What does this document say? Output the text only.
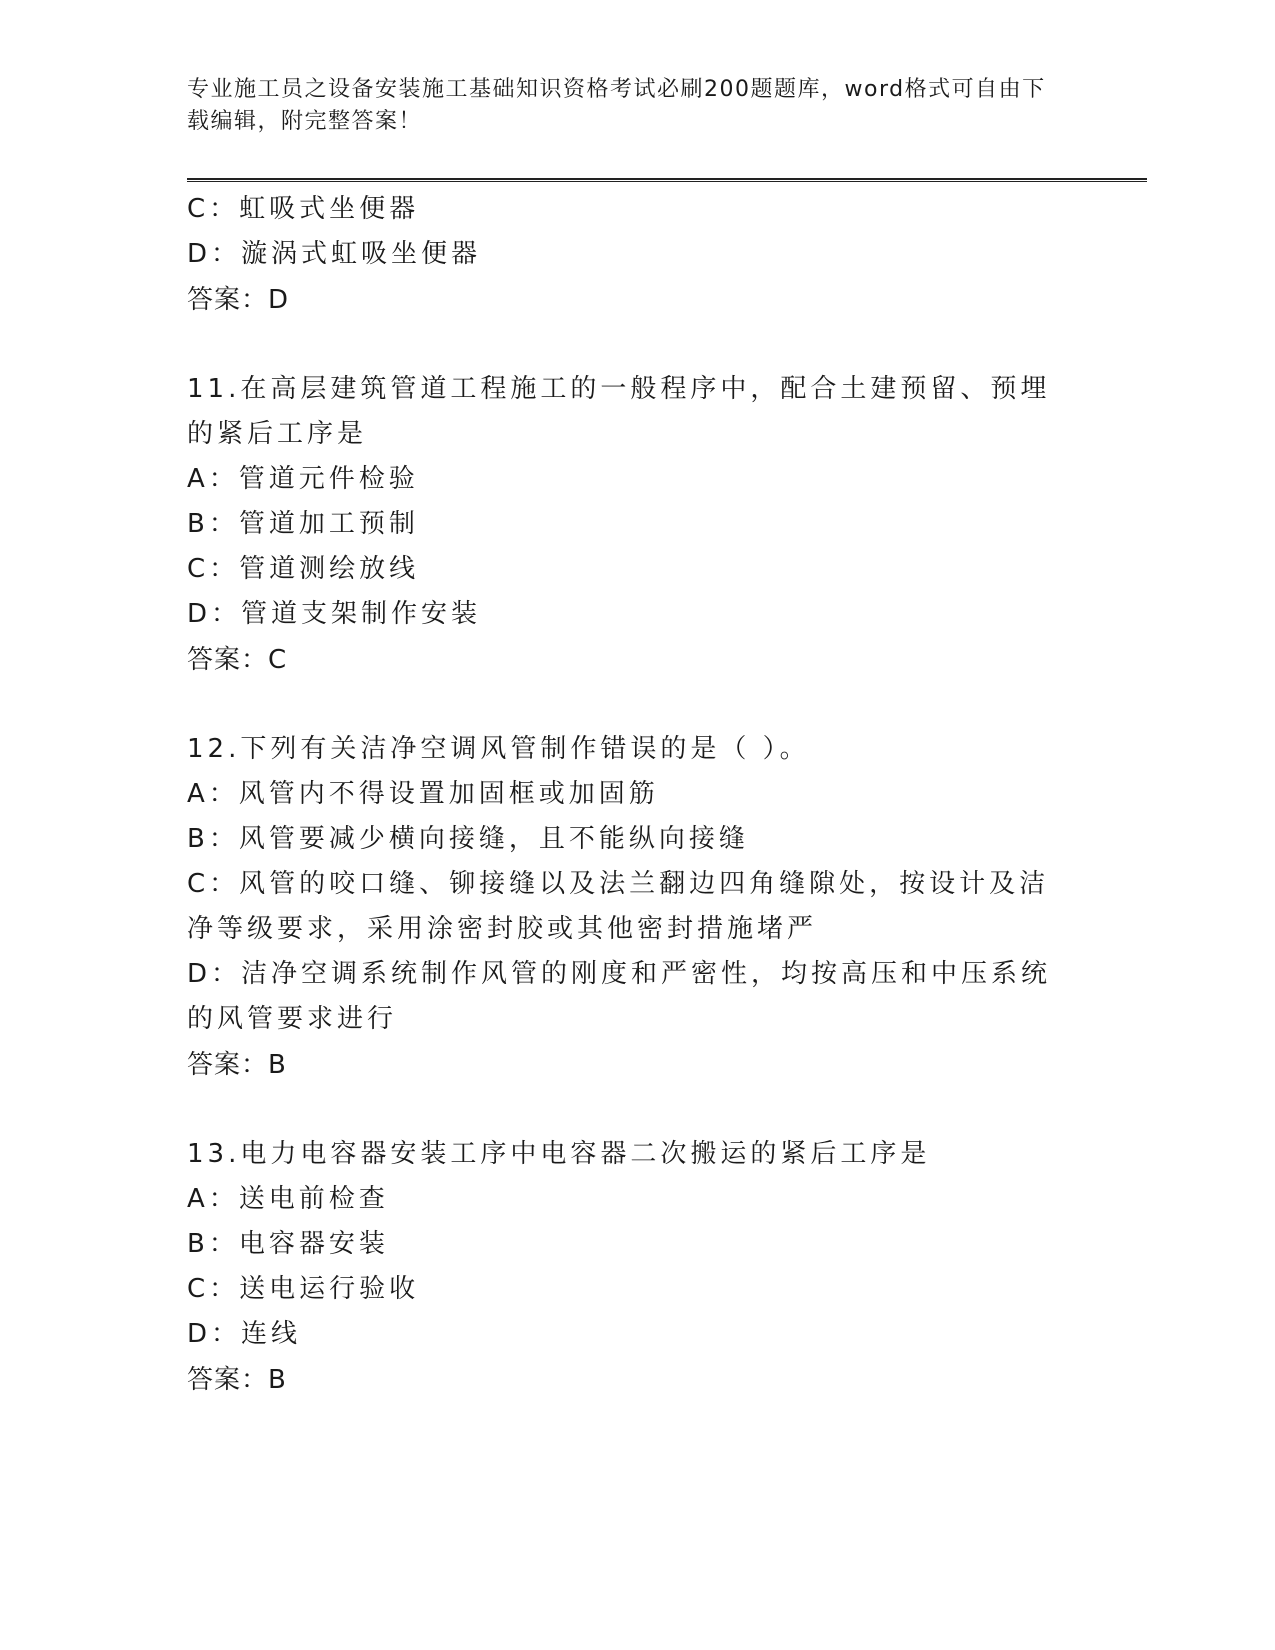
专业施工员之设备安装施工基础知识资格考试必刷200题题库，word格式可自由下载编辑，附完整答案！
C：虹吸式坐便器
D：漩涡式虹吸坐便器
答案：D
11.在高层建筑管道工程施工的一般程序中，配合土建预留、预埋的紧后工序是
A：管道元件检验
B：管道加工预制
C：管道测绘放线
D：管道支架制作安装
答案：C
12.下列有关洁净空调风管制作错误的是（ ）。
A：风管内不得设置加固框或加固筋
B：风管要减少横向接缝，且不能纵向接缝
C：风管的咬口缝、铆接缝以及法兰翻边四角缝隙处，按设计及洁净等级要求，采用涂密封胶或其他密封措施堵严
D：洁净空调系统制作风管的刚度和严密性，均按高压和中压系统的风管要求进行
答案：B
13.电力电容器安装工序中电容器二次搬运的紧后工序是
A：送电前检查
B：电容器安装
C：送电运行验收
D：连线
答案：B
